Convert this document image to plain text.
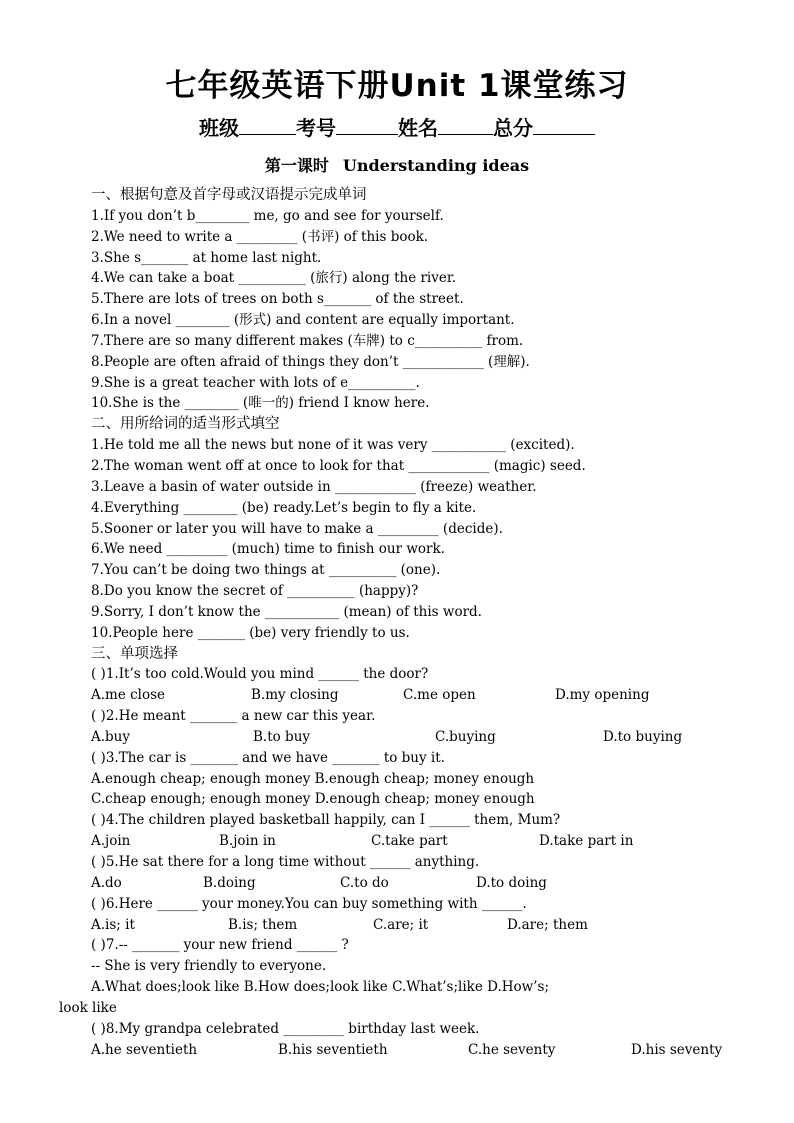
七年级英语下册Unit 1课堂练习
班级	考号	姓名	总分
第一课时 Understanding ideas
一、根据句意及首字母或汉语提示完成单词
1.If you don’t b________ me, go and see for yourself.
2.We need to write a _________ (书评) of this book.
3.She s_______ at home last night.
4.We can take a boat __________ (旅行) along the river.
5.There are lots of trees on both s_______ of the street.
6.In a novel ________ (形式) and content are equally important.
7.There are so many different makes (车牌) to c__________ from.
8.People are often afraid of things they don’t ____________ (理解).
9.She is a great teacher with lots of e__________.
10.She is the ________ (唯一的) friend I know here.
二、用所给词的适当形式填空
1.He told me all the news but none of it was very ___________ (excited).
2.The woman went off at once to look for that ____________ (magic) seed.
3.Leave a basin of water outside in ____________ (freeze) weather.
4.Everything ________ (be) ready.Let’s begin to fly a kite.
5.Sooner or later you will have to make a _________ (decide).
6.We need _________ (much) time to finish our work.
7.You can’t be doing two things at __________ (one).
8.Do you know the secret of __________ (happy)?
9.Sorry, I don’t know the ___________ (mean) of this word.
10.People here _______ (be) very friendly to us.
三、单项选择
( )1.It’s too cold.Would you mind ______ the door?
A.me close	B.my closing	C.me open	D.my opening
( )2.He meant _______ a new car this year.
A.buy	B.to buy	C.buying	D.to buying
( )3.The car is _______ and we have _______ to buy it.
A.enough cheap; enough money B.enough cheap; money enough
C.cheap enough; enough money D.enough cheap; money enough
( )4.The children played basketball happily, can I ______ them, Mum?
A.join	B.join in	C.take part	D.take part in
( )5.He sat there for a long time without ______ anything.
A.do	B.doing	C.to do	D.to doing
( )6.Here ______ your money.You can buy something with ______.
A.is; it	B.is; them	C.are; it	D.are; them
( )7.-- _______ your new friend ______ ?
-- She is very friendly to everyone.
A.What does;look like B.How does;look like C.What’s;like D.How’s;
look like
( )8.My grandpa celebrated _________ birthday last week.
A.he seventieth	B.his seventieth	C.he seventy	D.his seventy
